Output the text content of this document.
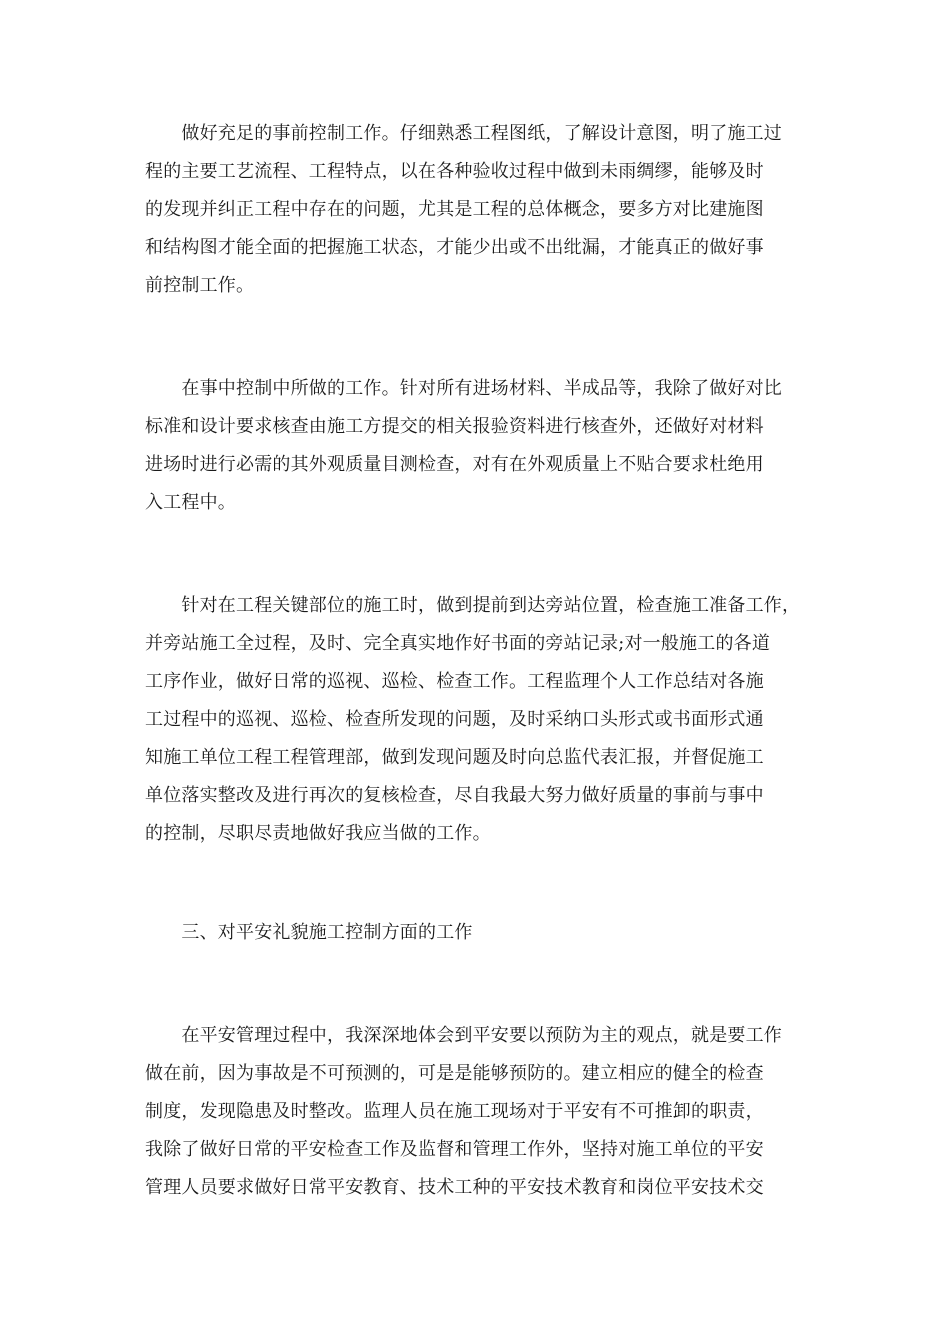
　　做好充足的事前控制工作。仔细熟悉工程图纸，了解设计意图，明了施工过
程的主要工艺流程、工程特点，以在各种验收过程中做到未雨绸缪，能够及时
的发现并纠正工程中存在的问题，尤其是工程的总体概念，要多方对比建施图
和结构图才能全面的把握施工状态，才能少出或不出纰漏，才能真正的做好事
前控制工作。
　　在事中控制中所做的工作。针对所有进场材料、半成品等，我除了做好对比
标准和设计要求核查由施工方提交的相关报验资料进行核查外，还做好对材料
进场时进行必需的其外观质量目测检查，对有在外观质量上不贴合要求杜绝用
入工程中。
　　针对在工程关键部位的施工时，做到提前到达旁站位置，检查施工准备工作，
并旁站施工全过程，及时、完全真实地作好书面的旁站记录;对一般施工的各道
工序作业，做好日常的巡视、巡检、检查工作。工程监理个人工作总结对各施
工过程中的巡视、巡检、检查所发现的问题，及时采纳口头形式或书面形式通
知施工单位工程工程管理部，做到发现问题及时向总监代表汇报，并督促施工
单位落实整改及进行再次的复核检查，尽自我最大努力做好质量的事前与事中
的控制，尽职尽责地做好我应当做的工作。
　　三、对平安礼貌施工控制方面的工作
　　在平安管理过程中，我深深地体会到平安要以预防为主的观点，就是要工作
做在前，因为事故是不可预测的，可是是能够预防的。建立相应的健全的检查
制度，发现隐患及时整改。监理人员在施工现场对于平安有不可推卸的职责，
我除了做好日常的平安检查工作及监督和管理工作外，坚持对施工单位的平安
管理人员要求做好日常平安教育、技术工种的平安技术教育和岗位平安技术交
